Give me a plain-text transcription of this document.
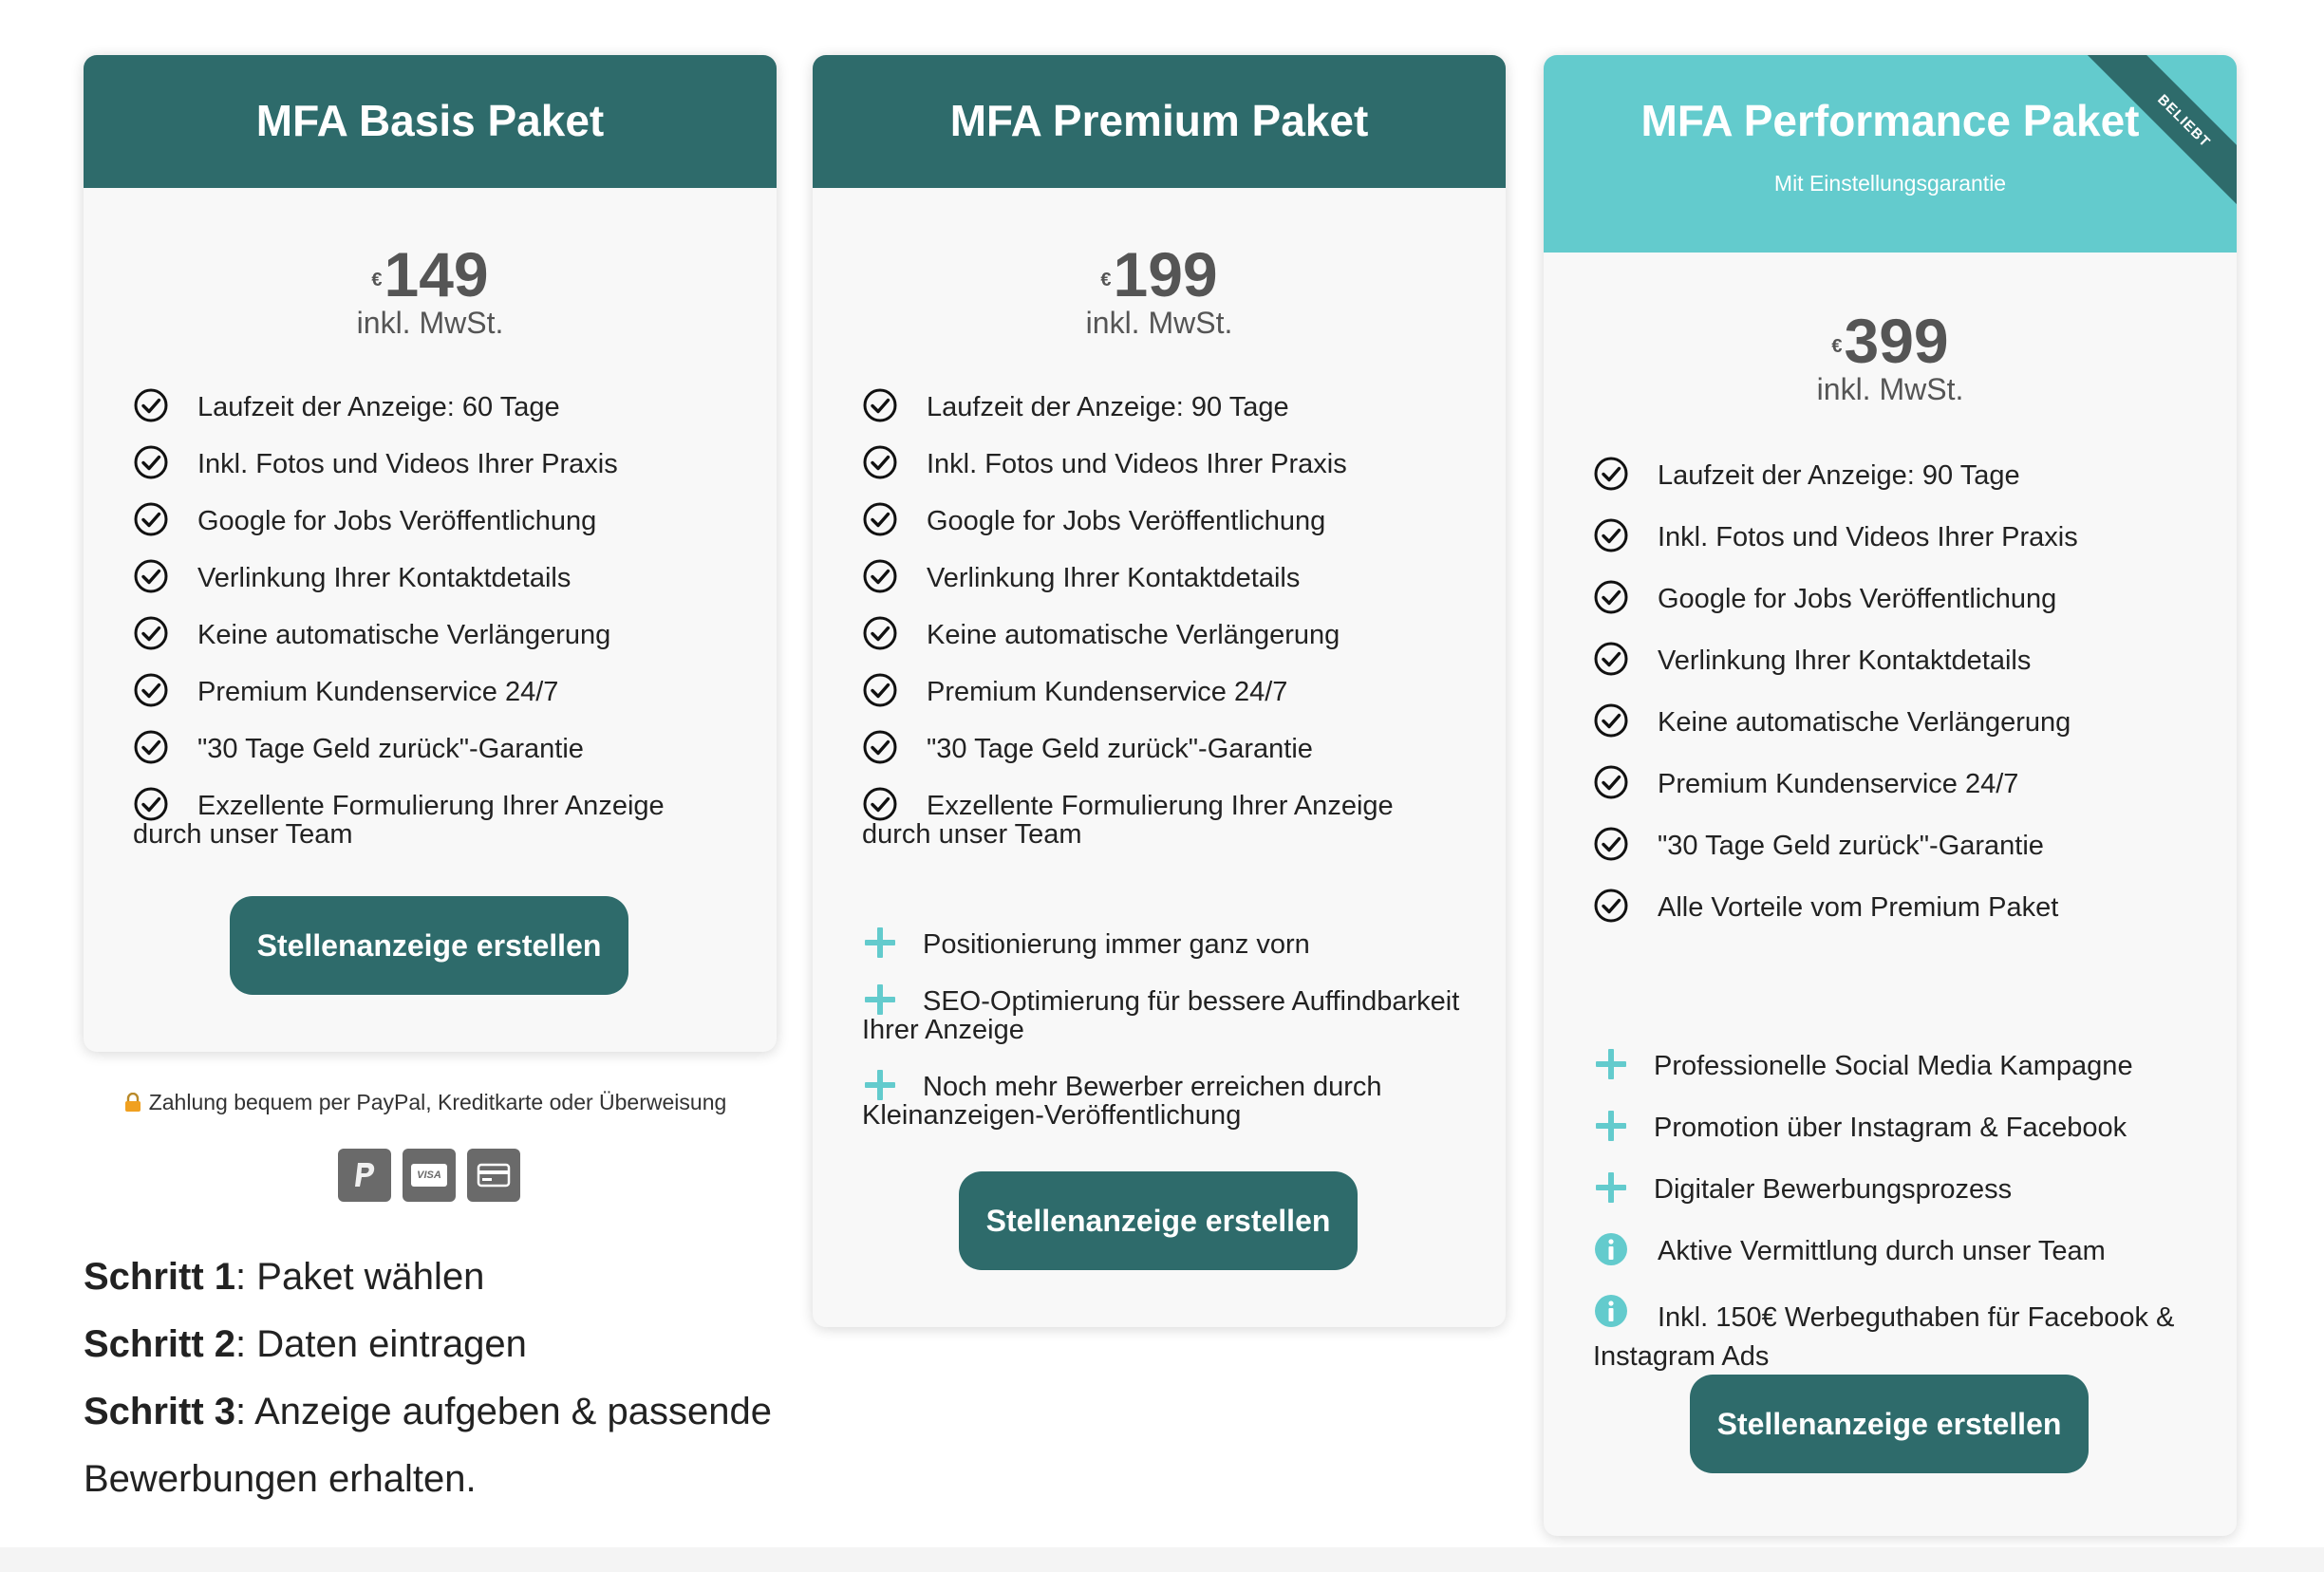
MFA Basis Paket
€149
inkl. MwSt.
Laufzeit der Anzeige: 60 Tage
Inkl. Fotos und Videos Ihrer Praxis
Google for Jobs Veröffentlichung
Verlinkung Ihrer Kontaktdetails
Keine automatische Verlängerung
Premium Kundenservice 24/7
"30 Tage Geld zurück"-Garantie
Exzellente Formulierung Ihrer Anzeige durch unser Team
Stellenanzeige erstellen
Zahlung bequem per PayPal, Kreditkarte oder Überweisung
VISA
Schritt 1: Paket wählen
Schritt 2: Daten eintragen
Schritt 3: Anzeige aufgeben & passende Bewerbungen erhalten.
MFA Premium Paket
€199
inkl. MwSt.
Laufzeit der Anzeige: 90 Tage
Inkl. Fotos und Videos Ihrer Praxis
Google for Jobs Veröffentlichung
Verlinkung Ihrer Kontaktdetails
Keine automatische Verlängerung
Premium Kundenservice 24/7
"30 Tage Geld zurück"-Garantie
Exzellente Formulierung Ihrer Anzeige durch unser Team
Positionierung immer ganz vorn
SEO-Optimierung für bessere Auffindbarkeit Ihrer Anzeige
Noch mehr Bewerber erreichen durch Kleinanzeigen-Veröffentlichung
Stellenanzeige erstellen
MFA Performance Paket
Mit Einstellungsgarantie
BELIEBT
€399
inkl. MwSt.
Laufzeit der Anzeige: 90 Tage
Inkl. Fotos und Videos Ihrer Praxis
Google for Jobs Veröffentlichung
Verlinkung Ihrer Kontaktdetails
Keine automatische Verlängerung
Premium Kundenservice 24/7
"30 Tage Geld zurück"-Garantie
Alle Vorteile vom Premium Paket
Professionelle Social Media Kampagne
Promotion über Instagram & Facebook
Digitaler Bewerbungsprozess
Aktive Vermittlung durch unser Team
Inkl. 150€ Werbeguthaben für Facebook & Instagram Ads
Stellenanzeige erstellen
